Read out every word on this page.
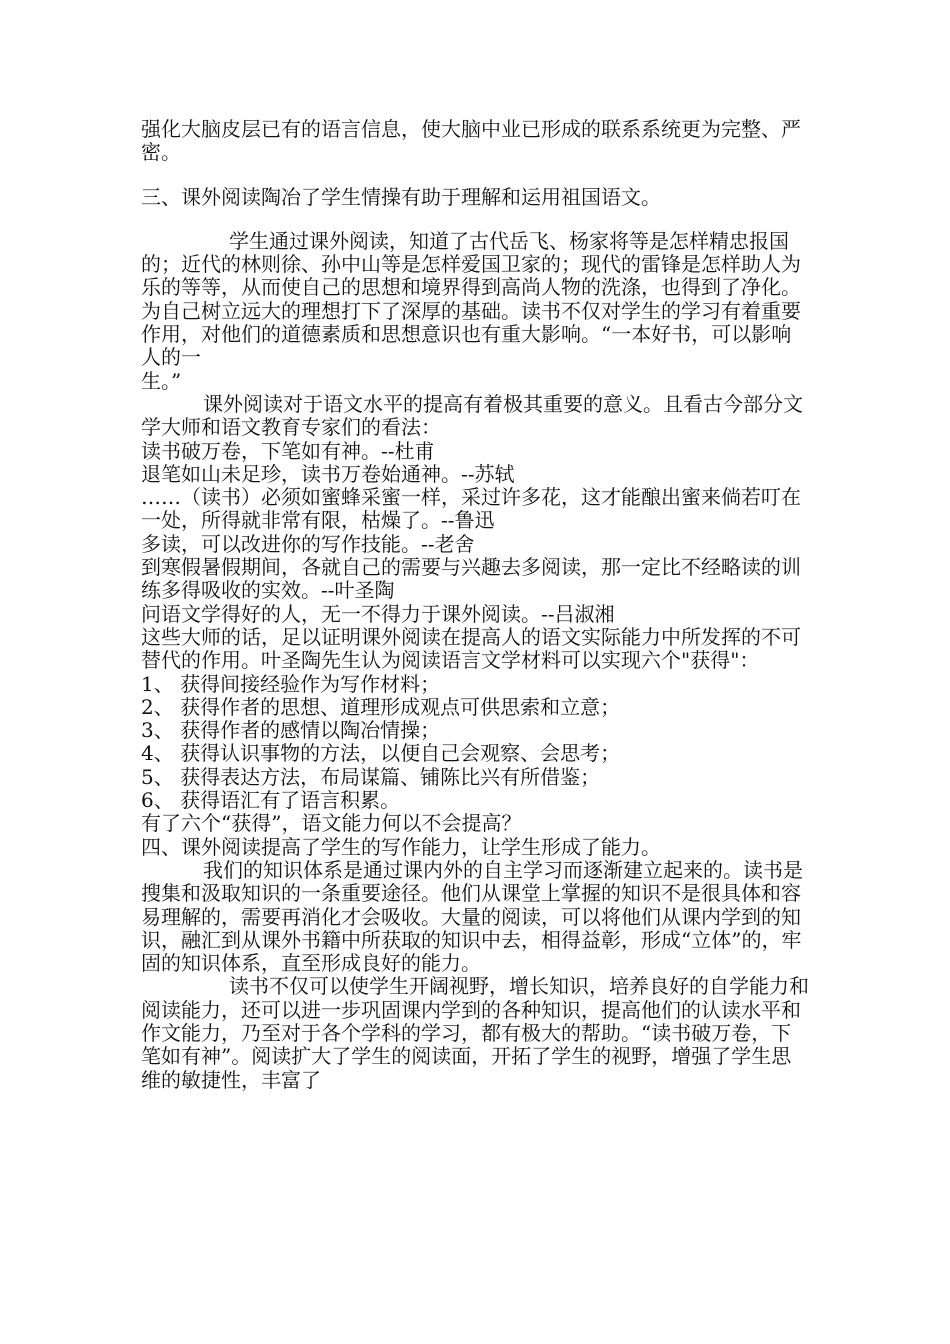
强化大脑皮层已有的语言信息，使大脑中业已形成的联系系统更为完整、严密。

三、课外阅读陶冶了学生情操有助于理解和运用祖国语文。

学生通过课外阅读，知道了古代岳飞、杨家将等是怎样精忠报国的；近代的林则徐、孙中山等是怎样爱国卫家的；现代的雷锋是怎样助人为乐的等等，从而使自己的思想和境界得到高尚人物的洗涤，也得到了净化。为自己树立远大的理想打下了深厚的基础。读书不仅对学生的学习有着重要作用，对他们的道德素质和思想意识也有重大影响。“一本好书，可以影响人的一

生。”

课外阅读对于语文水平的提高有着极其重要的意义。且看古今部分文学大师和语文教育专家们的看法：

读书破万卷，下笔如有神。--杜甫

退笔如山未足珍，读书万卷始通神。--苏轼

……（读书）必须如蜜蜂采蜜一样，采过许多花，这才能酿出蜜来倘若叮在一处，所得就非常有限，枯燥了。--鲁迅

多读，可以改进你的写作技能。--老舍

到寒假暑假期间，各就自己的需要与兴趣去多阅读，那一定比不经略读的训练多得吸收的实效。--叶圣陶

问语文学得好的人，无一不得力于课外阅读。--吕淑湘

这些大师的话，足以证明课外阅读在提高人的语文实际能力中所发挥的不可替代的作用。叶圣陶先生认为阅读语言文学材料可以实现六个"获得"：

1、 获得间接经验作为写作材料；

2、 获得作者的思想、道理形成观点可供思索和立意；

3、 获得作者的感情以陶冶情操；

4、 获得认识事物的方法，以便自己会观察、会思考；

5、 获得表达方法，布局谋篇、铺陈比兴有所借鉴；

6、 获得语汇有了语言积累。

有了六个“获得”，语文能力何以不会提高？

四、课外阅读提高了学生的写作能力，让学生形成了能力。

我们的知识体系是通过课内外的自主学习而逐渐建立起来的。读书是搜集和汲取知识的一条重要途径。他们从课堂上掌握的知识不是很具体和容易理解的，需要再消化才会吸收。大量的阅读，可以将他们从课内学到的知识，融汇到从课外书籍中所获取的知识中去，相得益彰，形成“立体”的，牢固的知识体系，直至形成良好的能力。

读书不仅可以使学生开阔视野，增长知识，培养良好的自学能力和阅读能力，还可以进一步巩固课内学到的各种知识，提高他们的认读水平和作文能力，乃至对于各个学科的学习，都有极大的帮助。“读书破万卷，下笔如有神”。阅读扩大了学生的阅读面，开拓了学生的视野，增强了学生思维的敏捷性，丰富了
